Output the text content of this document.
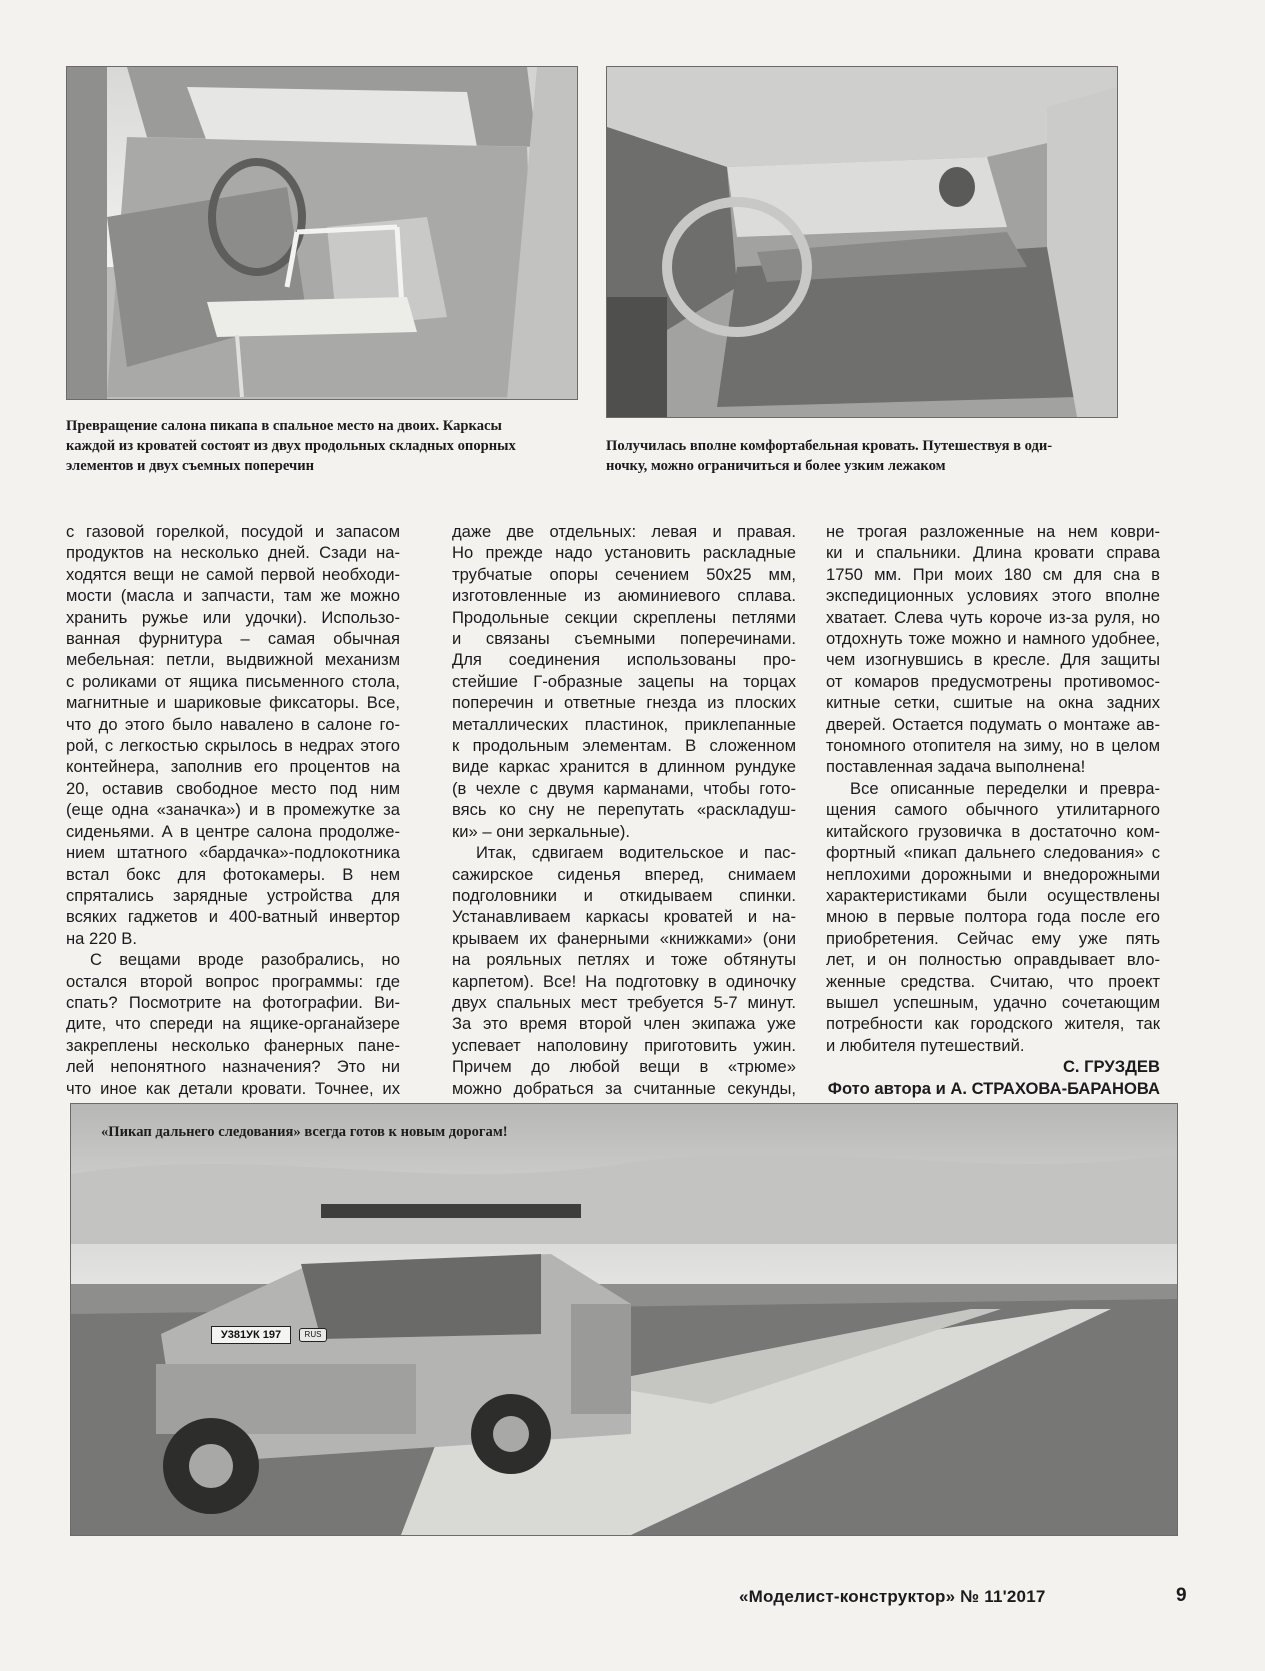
Превращение салона пикапа в спальное место на двоих. Каркасы
каждой из кроватей состоят из двух продольных складных опорных
элементов и двух съемных поперечин

Получилась вполне комфортабельная кровать. Путешествуя в оди-
ночку, можно ограничиться и более узким лежаком

с газовой горелкой, посудой и запасом
продуктов на несколько дней. Сзади на-
ходятся вещи не самой первой необходи-
мости (масла и запчасти, там же можно
хранить ружье или удочки). Использо-
ванная фурнитура – самая обычная
мебельная: петли, выдвижной механизм
с роликами от ящика письменного стола,
магнитные и шариковые фиксаторы. Все,
что до этого было навалено в салоне го-
рой, с легкостью скрылось в недрах этого
контейнера, заполнив его процентов на
20, оставив свободное место под ним
(еще одна «заначка») и в промежутке за
сиденьями. А в центре салона продолже-
нием штатного «бардачка»-подлокотника
встал бокс для фотокамеры. В нем
спрятались зарядные устройства для
всяких гаджетов и 400-ватный инвертор
на 220 В.
С вещами вроде разобрались, но
остался второй вопрос программы: где
спать? Посмотрите на фотографии. Ви-
дите, что спереди на ящике-органайзере
закреплены несколько фанерных пане-
лей непонятного назначения? Это ни
что иное как детали кровати. Точнее, их
даже две отдельных: левая и правая.
Но прежде надо установить раскладные
трубчатые опоры сечением 50х25 мм,
изготовленные из аюминиевого сплава.
Продольные секции скреплены петлями
и связаны съемными поперечинами.
Для соединения использованы про-
стейшие Г-образные зацепы на торцах
поперечин и ответные гнезда из плоских
металлических пластинок, приклепанные
к продольным элементам. В сложенном
виде каркас хранится в длинном рундуке
(в чехле с двумя карманами, чтобы гото-
вясь ко сну не перепутать «раскладуш-
ки» – они зеркальные).
Итак, сдвигаем водительское и пас-
сажирское сиденья вперед, снимаем
подголовники и откидываем спинки.
Устанавливаем каркасы кроватей и на-
крываем их фанерными «книжками» (они
на рояльных петлях и тоже обтянуты
карпетом). Все! На подготовку в одиночку
двух спальных мест требуется 5-7 минут.
За это время второй член экипажа уже
успевает наполовину приготовить ужин.
Причем до любой вещи в «трюме»
можно добраться за считанные секунды,
не трогая разложенные на нем коври-
ки и спальники. Длина кровати справа
1750 мм. При моих 180 см для сна в
экспедиционных условиях этого вполне
хватает. Слева чуть короче из-за руля, но
отдохнуть тоже можно и намного удобнее,
чем изогнувшись в кресле. Для защиты
от комаров предусмотрены противомос-
китные сетки, сшитые на окна задних
дверей. Остается подумать о монтаже ав-
тономного отопителя на зиму, но в целом
поставленная задача выполнена!
Все описанные переделки и превра-
щения самого обычного утилитарного
китайского грузовичка в достаточно ком-
фортный «пикап дальнего следования» с
неплохими дорожными и внедорожными
характеристиками были осуществлены
мною в первые полтора года после его
приобретения. Сейчас ему уже пять
лет, и он полностью оправдывает вло-
женные средства. Считаю, что проект
вышел успешным, удачно сочетающим
потребности как городского жителя, так
и любителя путешествий.
С. ГРУЗДЕВ
Фото автора и А. СТРАХОВА-БАРАНОВА
«Пикап дальнего следования» всегда готов к новым дорогам!
У381УК 197	RUS
«Моделист-конструктор» № 11'2017	9
